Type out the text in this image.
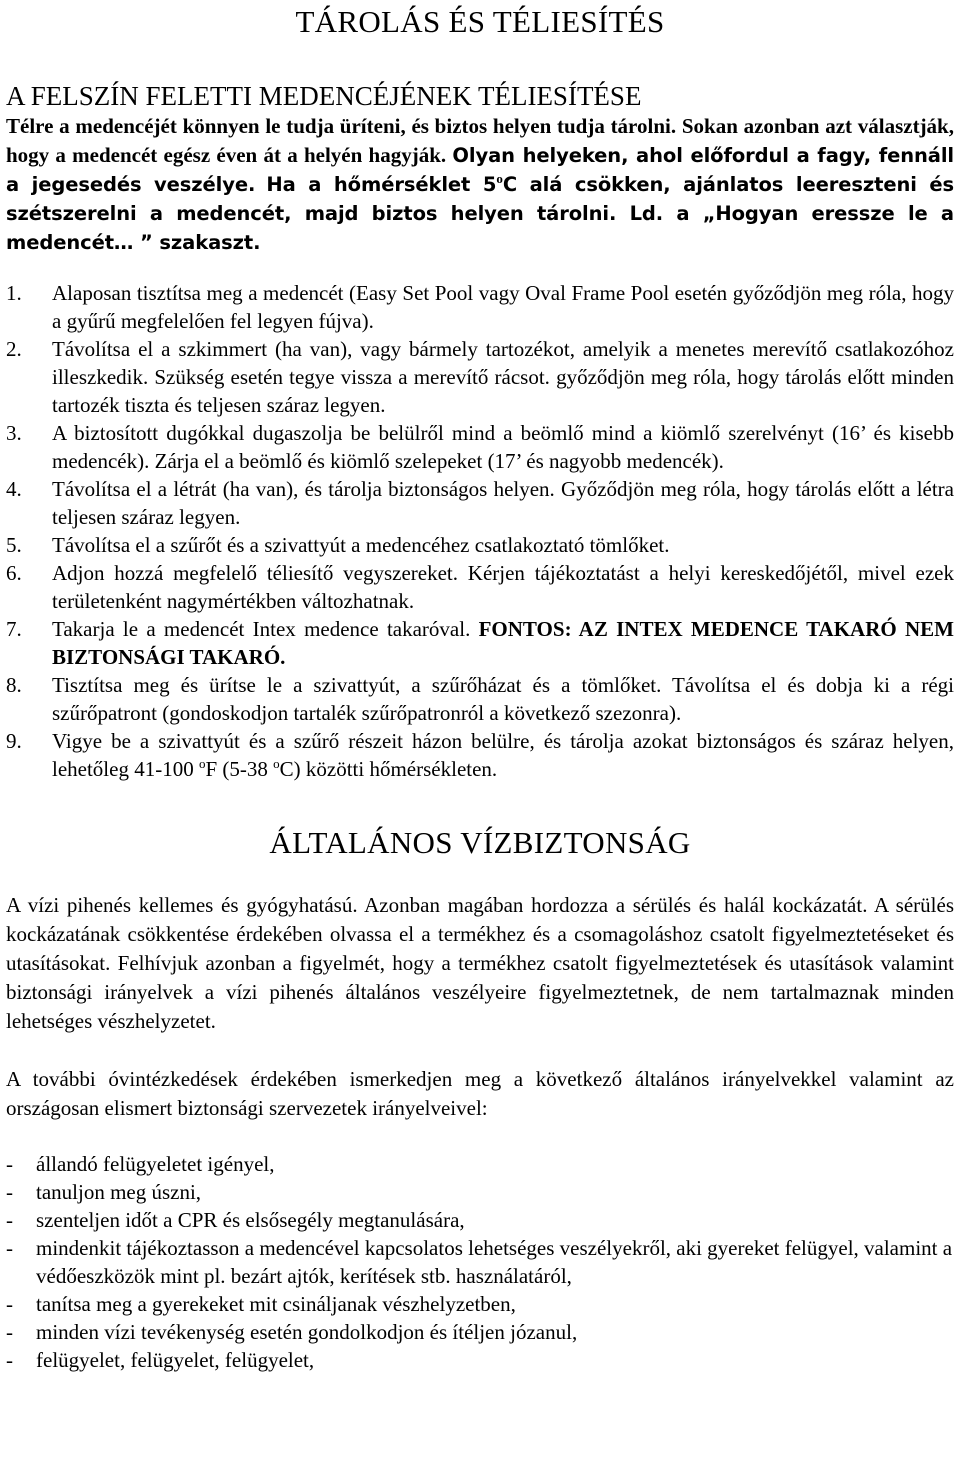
TÁROLÁS ÉS TÉLIESÍTÉS
A FELSZÍN FELETTI MEDENCÉJÉNEK TÉLIESÍTÉSE

Télre a medencéjét könnyen le tudja üríteni, és biztos helyen tudja tárolni. Sokan azonban azt választják, hogy a medencét egész éven át a helyén hagyják. Olyan helyeken, ahol előfordul a fagy, fennáll a jegesedés veszélye. Ha a hőmérséklet 5$^o$C alá csökken, ajánlatos leereszteni és szétszerelni a medencét, majd biztos helyen tárolni. Ld. a „Hogyan eressze le a medencét… ” szakaszt.

1. Alaposan tisztítsa meg a medencét (Easy Set Pool vagy Oval Frame Pool esetén győződjön meg róla, hogy a gyűrű megfelelően fel legyen fújva).
2. Távolítsa el a szkimmert (ha van), vagy bármely tartozékot, amelyik a menetes merevítő csatlakozóhoz illeszkedik. Szükség esetén tegye vissza a merevítő rácsot. győződjön meg róla, hogy tárolás előtt minden tartozék tiszta és teljesen száraz legyen.
3. A biztosított dugókkal dugaszolja be belülről mind a beömlő mind a kiömlő szerelvényt (16’ és kisebb medencék). Zárja el a beömlő és kiömlő szelepeket (17’ és nagyobb medencék).
4. Távolítsa el a létrát (ha van), és tárolja biztonságos helyen. Győződjön meg róla, hogy tárolás előtt a létra teljesen száraz legyen.
5. Távolítsa el a szűrőt és a szivattyút a medencéhez csatlakoztató tömlőket.
6. Adjon hozzá megfelelő téliesítő vegyszereket. Kérjen tájékoztatást a helyi kereskedőjétől, mivel ezek területenként nagymértékben változhatnak.
7. Takarja le a medencét Intex medence takaróval. FONTOS: AZ INTEX MEDENCE TAKARÓ NEM BIZTONSÁGI TAKARÓ.
8. Tisztítsa meg és ürítse le a szivattyút, a szűrőházat és a tömlőket. Távolítsa el és dobja ki a régi szűrőpatront (gondoskodjon tartalék szűrőpatronról a következő szezonra).
9. Vigye be a szivattyút és a szűrő részeit házon belülre, és tárolja azokat biztonságos és száraz helyen, lehetőleg 41-100 $^o$F (5-38 $^o$C) közötti hőmérsékleten.
ÁLTALÁNOS VÍZBIZTONSÁG

A vízi pihenés kellemes és gyógyhatású. Azonban magában hordozza a sérülés és halál kockázatát. A sérülés kockázatának csökkentése érdekében olvassa el a termékhez és a csomagoláshoz csatolt figyelmeztetéseket és utasításokat. Felhívjuk azonban a figyelmét, hogy a termékhez csatolt figyelmeztetések és utasítások valamint biztonsági irányelvek a vízi pihenés általános veszélyeire figyelmeztetnek, de nem tartalmaznak minden lehetséges vészhelyzetet.

A további óvintézkedések érdekében ismerkedjen meg a következő általános irányelvekkel valamint az országosan elismert biztonsági szervezetek irányelveivel:

- állandó felügyeletet igényel,
- tanuljon meg úszni,
- szenteljen időt a CPR és elsősegély megtanulására,
- mindenkit tájékoztasson a medencével kapcsolatos lehetséges veszélyekről, aki gyereket felügyel, valamint a védőeszközök mint pl. bezárt ajtók, kerítések stb. használatáról,
- tanítsa meg a gyerekeket mit csináljanak vészhelyzetben,
- minden vízi tevékenység esetén gondolkodjon és ítéljen józanul,
- felügyelet, felügyelet, felügyelet,
